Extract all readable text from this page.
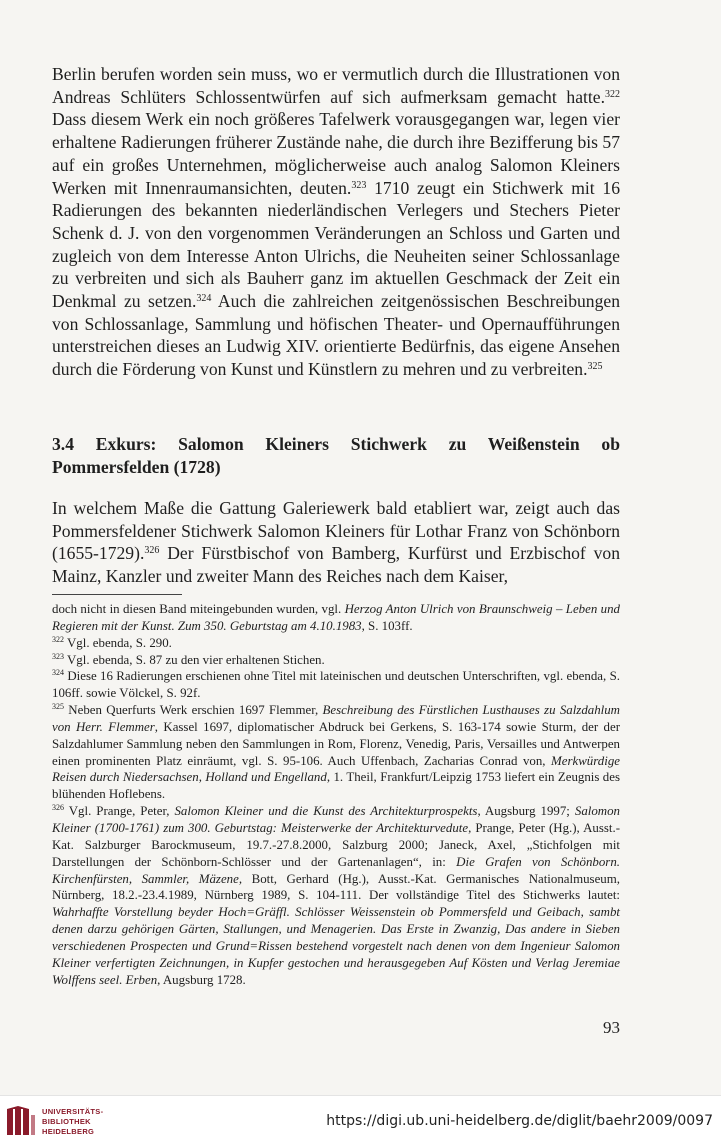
Berlin berufen worden sein muss, wo er vermutlich durch die Illustrationen von Andreas Schlüters Schlossentwürfen auf sich aufmerksam gemacht hatte.$^{322}$ Dass diesem Werk ein noch größeres Tafelwerk vorausgegangen war, legen vier erhaltene Radierungen früherer Zustände nahe, die durch ihre Bezifferung bis 57 auf ein großes Unternehmen, möglicherweise auch analog Salomon Kleiners Werken mit Innenraumansichten, deuten.$^{323}$ 1710 zeugt ein Stichwerk mit 16 Radierungen des bekannten niederländischen Verlegers und Stechers Pieter Schenk d. J. von den vorgenommen Veränderungen an Schloss und Garten und zugleich von dem Interesse Anton Ulrichs, die Neuheiten seiner Schlossanlage zu verbreiten und sich als Bauherr ganz im aktuellen Geschmack der Zeit ein Denkmal zu setzen.$^{324}$ Auch die zahlreichen zeitgenössischen Beschreibungen von Schlossanlage, Sammlung und höfischen Theater- und Opernaufführungen unterstreichen dieses an Ludwig XIV. orientierte Bedürfnis, das eigene Ansehen durch die Förderung von Kunst und Künstlern zu mehren und zu verbreiten.$^{325}$

3.4 Exkurs: Salomon Kleiners Stichwerk zu Weißenstein ob Pommersfelden (1728)

In welchem Maße die Gattung Galeriewerk bald etabliert war, zeigt auch das Pommersfeldener Stichwerk Salomon Kleiners für Lothar Franz von Schönborn (1655-1729).$^{326}$ Der Fürstbischof von Bamberg, Kurfürst und Erzbischof von Mainz, Kanzler und zweiter Mann des Reiches nach dem Kaiser,

doch nicht in diesen Band miteingebunden wurden, vgl. Herzog Anton Ulrich von Braunschweig – Leben und Regieren mit der Kunst. Zum 350. Geburtstag am 4.10.1983, S. 103ff.

$^{322}$ Vgl. ebenda, S. 290.

$^{323}$ Vgl. ebenda, S. 87 zu den vier erhaltenen Stichen.

$^{324}$ Diese 16 Radierungen erschienen ohne Titel mit lateinischen und deutschen Unterschriften, vgl. ebenda, S. 106ff. sowie Völckel, S. 92f.

$^{325}$ Neben Querfurts Werk erschien 1697 Flemmer, Beschreibung des Fürstlichen Lusthauses zu Salzdahlum von Herr. Flemmer, Kassel 1697, diplomatischer Abdruck bei Gerkens, S. 163-174 sowie Sturm, der der Salzdahlumer Sammlung neben den Sammlungen in Rom, Florenz, Venedig, Paris, Versailles und Antwerpen einen prominenten Platz einräumt, vgl. S. 95-106. Auch Uffenbach, Zacharias Conrad von, Merkwürdige Reisen durch Niedersachsen, Holland und Engelland, 1. Theil, Frankfurt/Leipzig 1753 liefert ein Zeugnis des blühenden Hoflebens.

$^{326}$ Vgl. Prange, Peter, Salomon Kleiner und die Kunst des Architekturprospekts, Augsburg 1997; Salomon Kleiner (1700-1761) zum 300. Geburtstag: Meisterwerke der Architekturvedute, Prange, Peter (Hg.), Ausst.-Kat. Salzburger Barockmuseum, 19.7.-27.8.2000, Salzburg 2000; Janeck, Axel, „Stichfolgen mit Darstellungen der Schönborn-Schlösser und der Gartenanlagen“, in: Die Grafen von Schönborn. Kirchenfürsten, Sammler, Mäzene, Bott, Gerhard (Hg.), Ausst.-Kat. Germanisches Nationalmuseum, Nürnberg, 18.2.-23.4.1989, Nürnberg 1989, S. 104-111. Der vollständige Titel des Stichwerks lautet: Wahrhaffte Vorstellung beyder Hoch=Gräffl. Schlösser Weissenstein ob Pommersfeld und Geibach, sambt denen darzu gehörigen Gärten, Stallungen, und Menagerien. Das Erste in Zwanzig, Das andere in Sieben verschiedenen Prospecten und Grund=Rissen bestehend vorgestelt nach denen von dem Ingenieur Salomon Kleiner verfertigten Zeichnungen, in Kupfer gestochen und herausgegeben Auf Kösten und Verlag Jeremiae Wolffens seel. Erben, Augsburg 1728.

93
UNIVERSITÄTS-
BIBLIOTHEK
HEIDELBERG
https://digi.ub.uni-heidelberg.de/diglit/baehr2009/0097
